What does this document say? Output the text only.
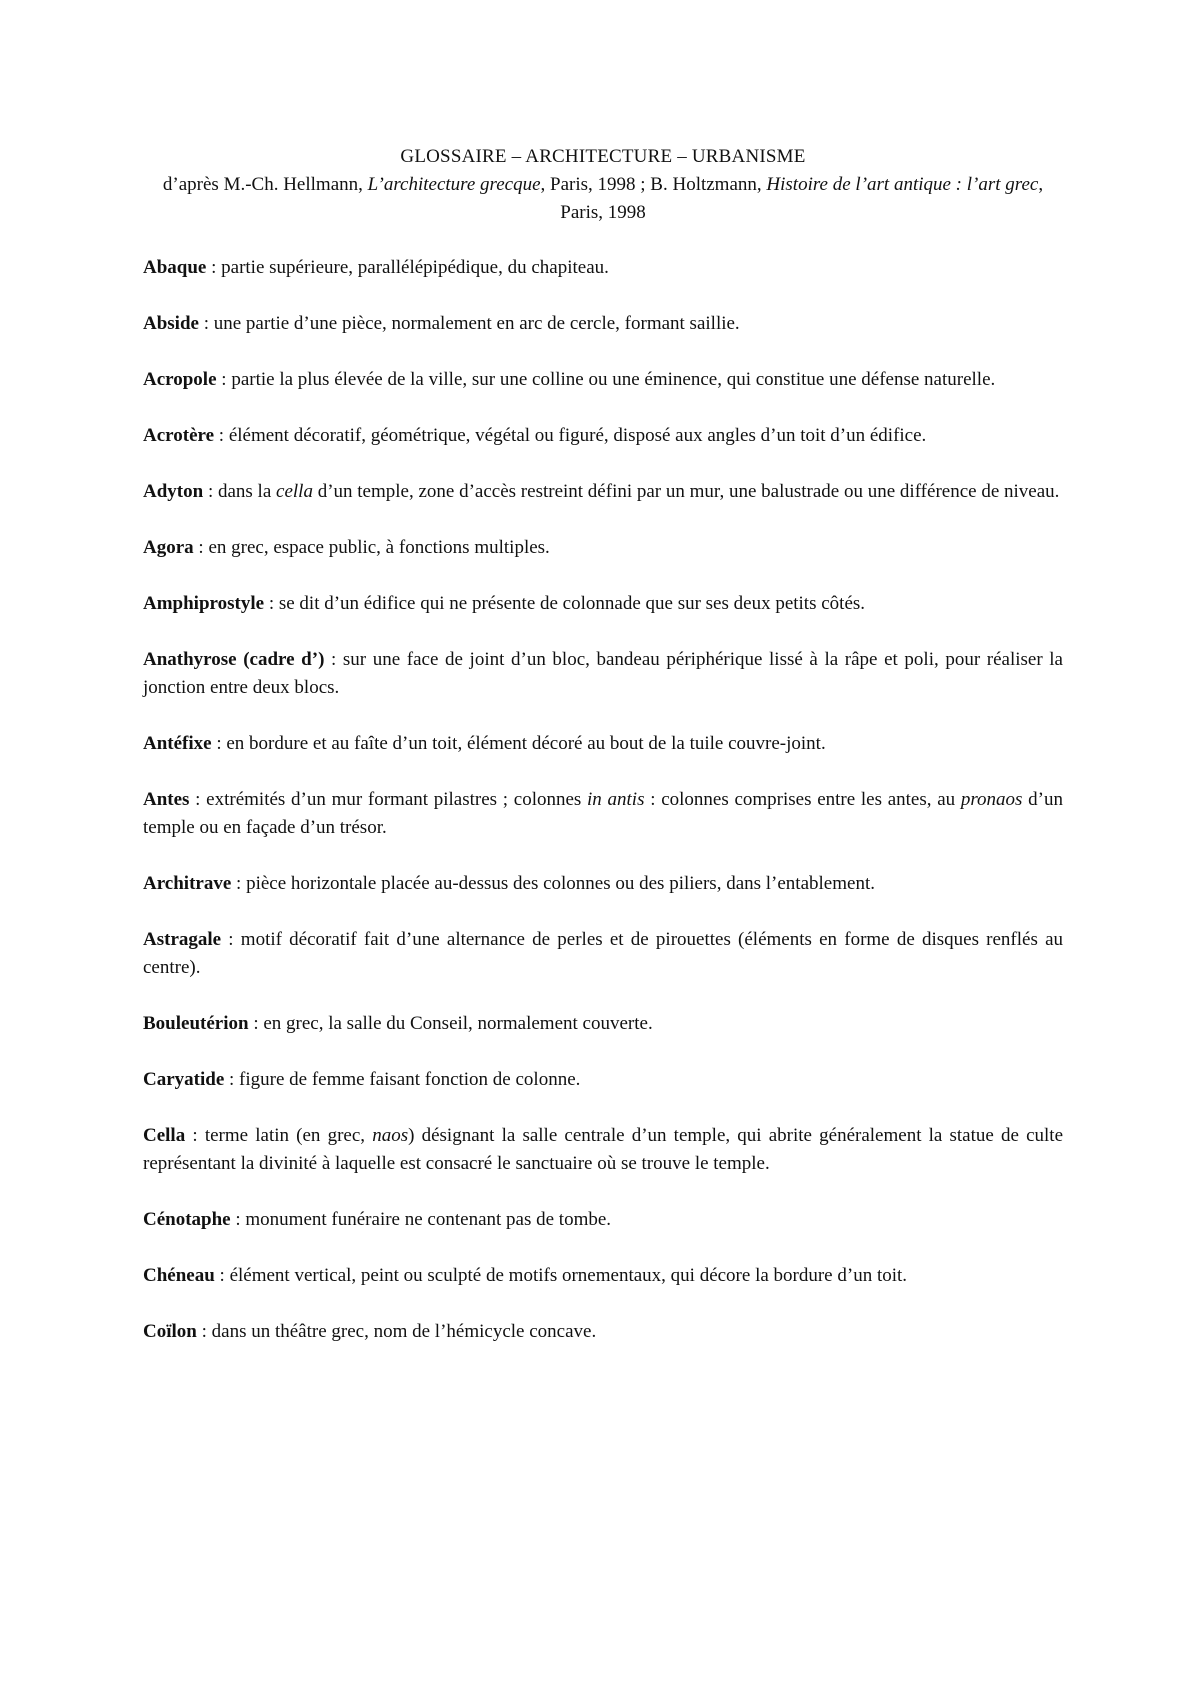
GLOSSAIRE – ARCHITECTURE – URBANISME
d’après M.-Ch. Hellmann, L’architecture grecque, Paris, 1998 ; B. Holtzmann, Histoire de l’art antique : l’art grec, Paris, 1998

Abaque : partie supérieure, parallélépipédique, du chapiteau.

Abside : une partie d’une pièce, normalement en arc de cercle, formant saillie.

Acropole : partie la plus élevée de la ville, sur une colline ou une éminence, qui constitue une défense naturelle.

Acrotère : élément décoratif, géométrique, végétal ou figuré, disposé aux angles d’un toit d’un édifice.

Adyton : dans la cella d’un temple, zone d’accès restreint défini par un mur, une balustrade ou une différence de niveau.

Agora : en grec, espace public, à fonctions multiples.

Amphiprostyle : se dit d’un édifice qui ne présente de colonnade que sur ses deux petits côtés.

Anathyrose (cadre d’) : sur une face de joint d’un bloc, bandeau périphérique lissé à la râpe et poli, pour réaliser la jonction entre deux blocs.

Antéfixe : en bordure et au faîte d’un toit, élément décoré au bout de la tuile couvre-joint.

Antes : extrémités d’un mur formant pilastres ; colonnes in antis : colonnes comprises entre les antes, au pronaos d’un temple ou en façade d’un trésor.

Architrave : pièce horizontale placée au-dessus des colonnes ou des piliers, dans l’entablement.

Astragale : motif décoratif fait d’une alternance de perles et de pirouettes (éléments en forme de disques renflés au centre).

Bouleutérion : en grec, la salle du Conseil, normalement couverte.

Caryatide : figure de femme faisant fonction de colonne.

Cella : terme latin (en grec, naos) désignant la salle centrale d’un temple, qui abrite généralement la statue de culte représentant la divinité à laquelle est consacré le sanctuaire où se trouve le temple.

Cénotaphe : monument funéraire ne contenant pas de tombe.

Chéneau : élément vertical, peint ou sculpté de motifs ornementaux, qui décore la bordure d’un toit.

Coïlon : dans un théâtre grec, nom de l’hémicycle concave.
